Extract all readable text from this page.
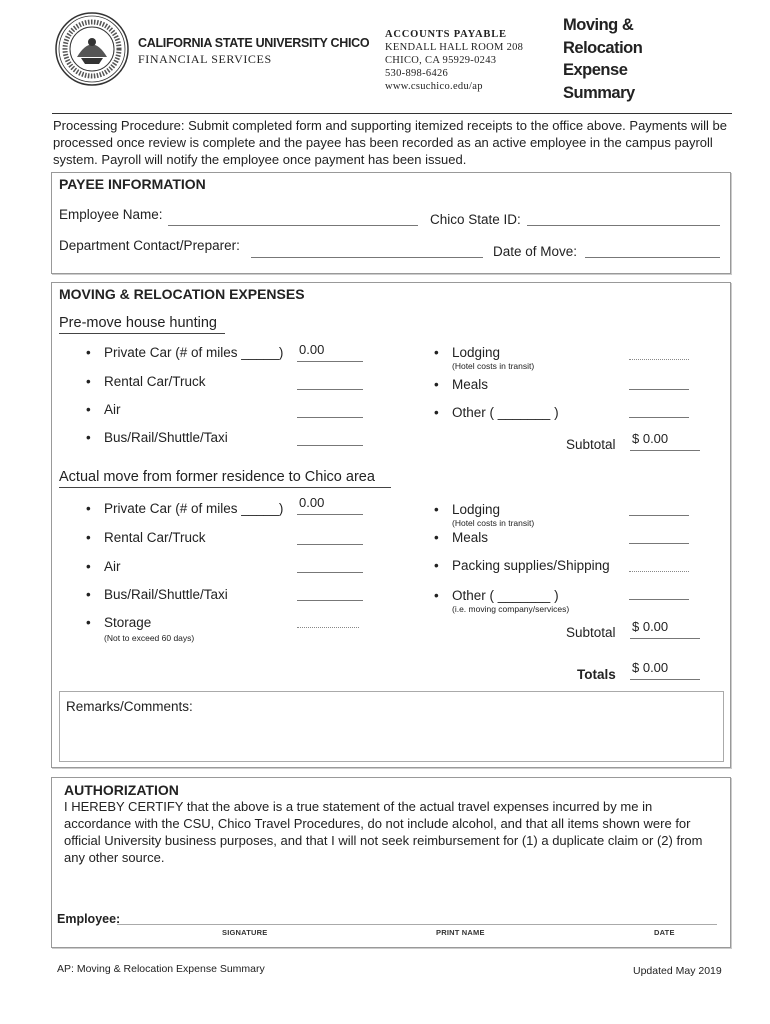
CALIFORNIA STATE UNIVERSITY CHICO
FINANCIAL SERVICES
ACCOUNTS PAYABLE
KENDALL HALL ROOM 208
CHICO, CA 95929-0243
530-898-6426
www.csuchico.edu/ap
Moving &
Relocation
Expense
Summary
Processing Procedure: Submit completed form and supporting itemized receipts to the office above. Payments will be processed once review is complete and the payee has been recorded as an active employee in the campus payroll system. Payroll will notify the employee once payment has been issued.
PAYEE INFORMATION
Employee Name:	Chico State ID:
Department Contact/Preparer:	Date of Move:
MOVING & RELOCATION EXPENSES
Pre-move house hunting
• Private Car (# of miles _____) 0.00
• Rental Car/Truck
• Air
• Bus/Rail/Shuttle/Taxi
• Lodging
(Hotel costs in transit)
• Meals
• Other ( _______ )
Subtotal $ 0.00
Actual move from former residence to Chico area
• Private Car (# of miles _____) 0.00
• Rental Car/Truck
• Air
• Bus/Rail/Shuttle/Taxi
• Storage
(Not to exceed 60 days)
• Lodging
(Hotel costs in transit)
• Meals
• Packing supplies/Shipping
• Other ( _______ )
(i.e. moving company/services)
Subtotal $ 0.00
Totals $ 0.00
Remarks/Comments:
AUTHORIZATION
I HEREBY CERTIFY that the above is a true statement of the actual travel expenses incurred by me in accordance with the CSU, Chico Travel Procedures, do not include alcohol, and that all items shown were for official University business purposes, and that I will not seek reimbursement for (1) a duplicate claim or (2) from any other source.
Employee:
SIGNATURE	PRINT NAME	DATE
AP: Moving & Relocation Expense Summary	Updated May 2019
